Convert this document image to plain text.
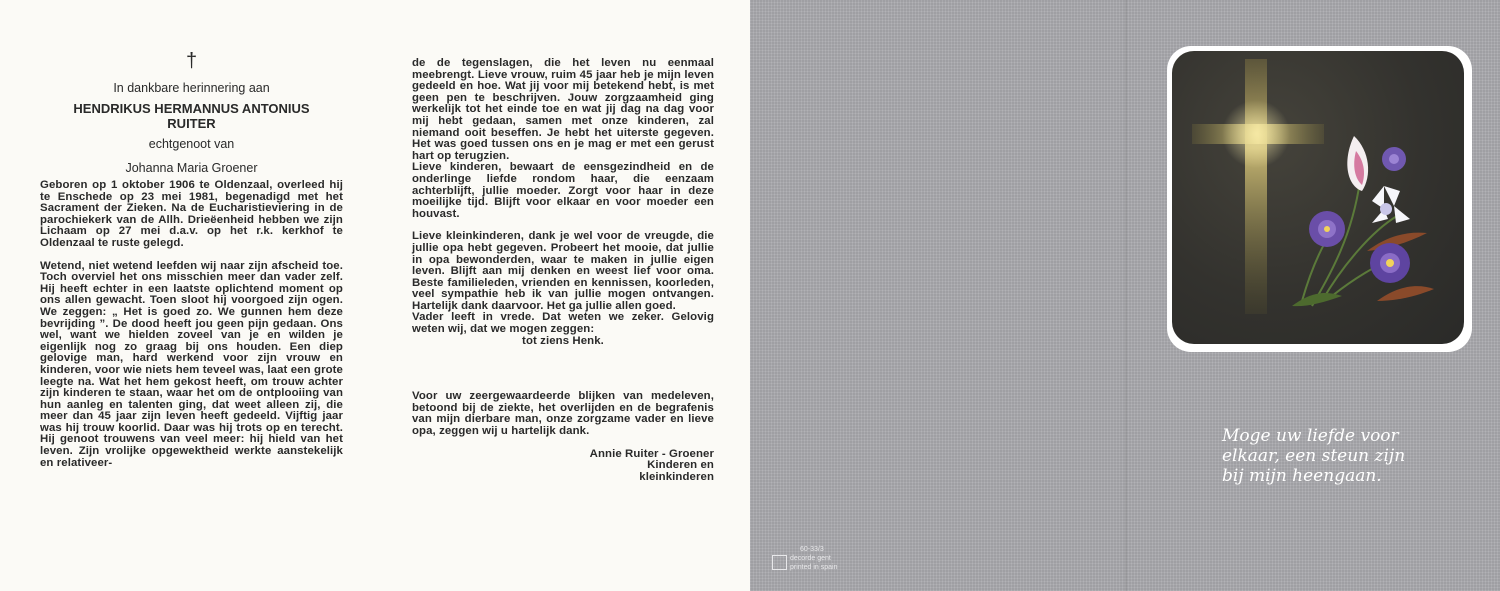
†
In dankbare herinnering aan
HENDRIKUS HERMANNUS ANTONIUS
RUITER
echtgenoot van
Johanna Maria Groener

Geboren op 1 oktober 1906 te Oldenzaal, overleed hij te Enschede op 23 mei 1981, begenadigd met het Sacrament der Zieken. Na de Eucharistieviering in de parochiekerk van de Allh. Drieëenheid hebben we zijn Lichaam op 27 mei d.a.v. op het r.k. kerkhof te Oldenzaal te ruste gelegd.

Wetend, niet wetend leefden wij naar zijn afscheid toe. Toch overviel het ons misschien meer dan vader zelf. Hij heeft echter in een laatste oplichtend moment op ons allen gewacht. Toen sloot hij voorgoed zijn ogen. We zeggen: „ Het is goed zo. We gunnen hem deze bevrijding ”. De dood heeft jou geen pijn gedaan. Ons wel, want we hielden zoveel van je en wilden je eigenlijk nog zo graag bij ons houden. Een diep gelovige man, hard werkend voor zijn vrouw en kinderen, voor wie niets hem teveel was, laat een grote leegte na. Wat het hem gekost heeft, om trouw achter zijn kinderen te staan, waar het om de ontplooiing van hun aanleg en talenten ging, dat weet alleen zij, die meer dan 45 jaar zijn leven heeft gedeeld. Vijftig jaar was hij trouw koorlid. Daar was hij trots op en terecht. Hij genoot trouwens van veel meer: hij hield van het leven. Zijn vrolijke opgewektheid werkte aanstekelijk en relativeer-

de de tegenslagen, die het leven nu eenmaal meebrengt. Lieve vrouw, ruim 45 jaar heb je mijn leven gedeeld en hoe. Wat jij voor mij betekend hebt, is met geen pen te beschrijven. Jouw zorgzaamheid ging werkelijk tot het einde toe en wat jij dag na dag voor mij hebt gedaan, samen met onze kinderen, zal niemand ooit beseffen. Je hebt het uiterste gegeven. Het was goed tussen ons en je mag er met een gerust hart op terugzien.

Lieve kinderen, bewaart de eensgezindheid en de onderlinge liefde rondom haar, die eenzaam achterblijft, jullie moeder. Zorgt voor haar in deze moeilijke tijd. Blijft voor elkaar en voor moeder een houvast.

Lieve kleinkinderen, dank je wel voor de vreugde, die jullie opa hebt gegeven. Probeert het mooie, dat jullie in opa bewonderden, waar te maken in jullie eigen leven. Blijft aan mij denken en weest lief voor oma. Beste familieleden, vrienden en kennissen, koorleden, veel sympathie heb ik van jullie mogen ontvangen. Hartelijk dank daarvoor. Het ga jullie allen goed.

Vader leeft in vrede. Dat weten we zeker. Gelovig weten wij, dat we mogen zeggen:

tot ziens Henk.

Voor uw zeergewaardeerde blijken van medeleven, betoond bij de ziekte, het overlijden en de begrafenis van mijn dierbare man, onze zorgzame vader en lieve opa, zeggen wij u hartelijk dank.

Annie Ruiter - Groener

Kinderen en

kleinkinderen

Moge uw liefde voor
elkaar, een steun zijn
bij mijn heengaan.
60-33/3
decorde gent
printed in spain
